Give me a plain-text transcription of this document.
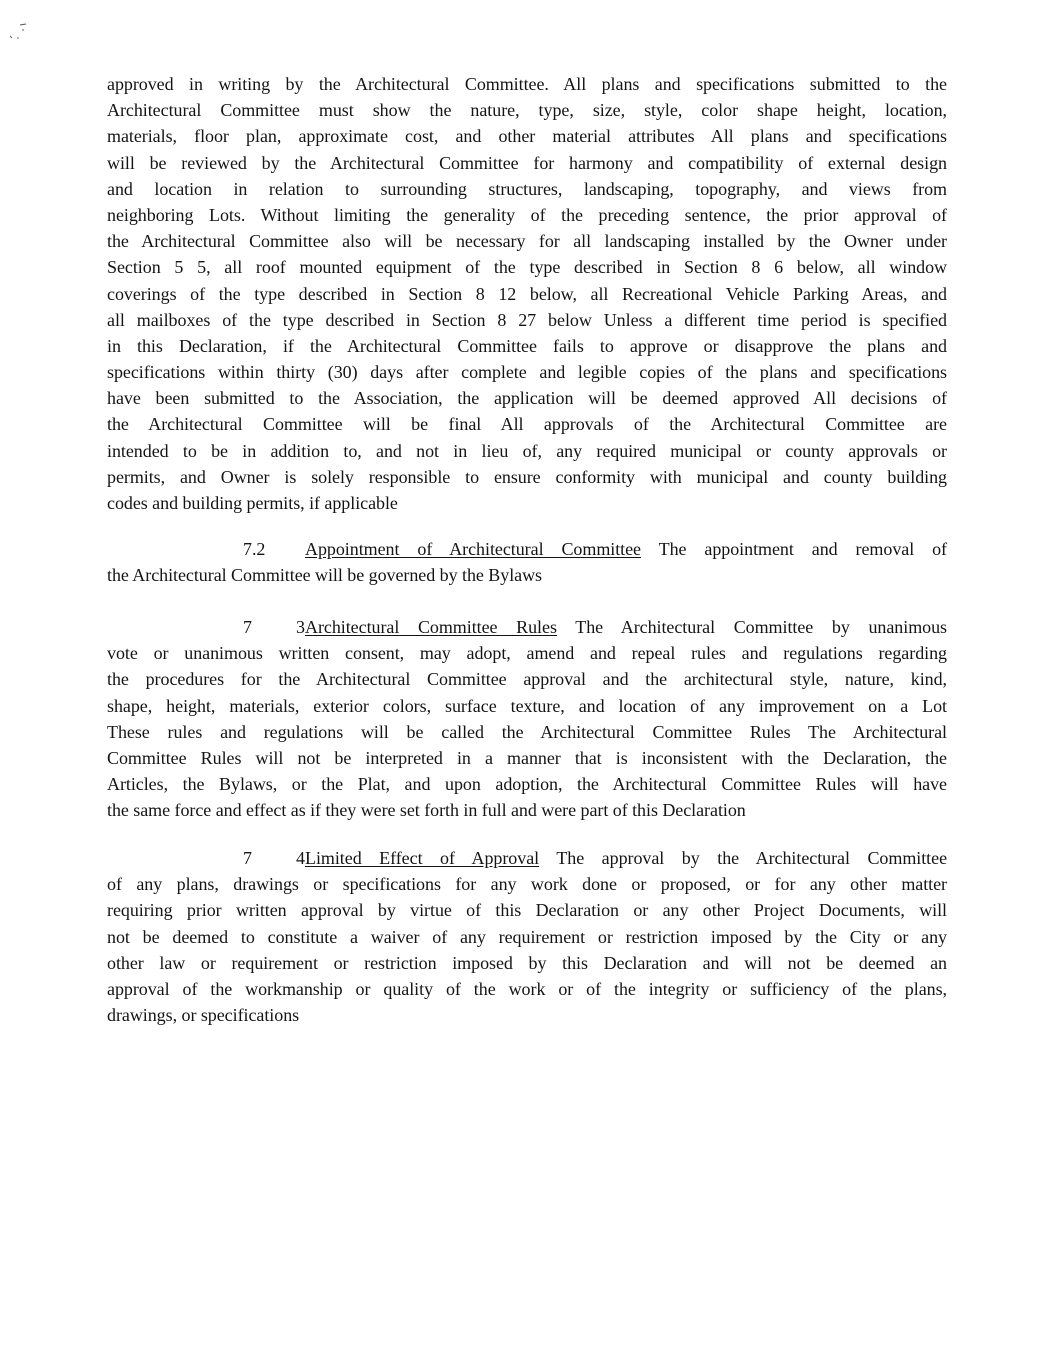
approved in writing by the Architectural Committee. All plans and specifications submitted to the
Architectural Committee must show the nature, type, size, style, color shape height, location,
materials, floor plan, approximate cost, and other material attributes All plans and specifications
will be reviewed by the Architectural Committee for harmony and compatibility of external design
and location in relation to surrounding structures, landscaping, topography, and views from
neighboring Lots. Without limiting the generality of the preceding sentence, the prior approval of
the Architectural Committee also will be necessary for all landscaping installed by the Owner under
Section 5 5, all roof mounted equipment of the type described in Section 8 6 below, all window
coverings of the type described in Section 8 12 below, all Recreational Vehicle Parking Areas, and
all mailboxes of the type described in Section 8 27 below Unless a different time period is specified
in this Declaration, if the Architectural Committee fails to approve or disapprove the plans and
specifications within thirty (30) days after complete and legible copies of the plans and specifications
have been submitted to the Association, the application will be deemed approved All decisions of
the Architectural Committee will be final All approvals of the Architectural Committee are
intended to be in addition to, and not in lieu of, any required municipal or county approvals or
permits, and Owner is solely responsible to ensure conformity with municipal and county building
codes and building permits, if applicable
7.2 Appointment of Architectural Committee The appointment and removal of
the Architectural Committee will be governed by the Bylaws
7 3Architectural Committee Rules The Architectural Committee by unanimous
vote or unanimous written consent, may adopt, amend and repeal rules and regulations regarding
the procedures for the Architectural Committee approval and the architectural style, nature, kind,
shape, height, materials, exterior colors, surface texture, and location of any improvement on a Lot
These rules and regulations will be called the Architectural Committee Rules The Architectural
Committee Rules will not be interpreted in a manner that is inconsistent with the Declaration, the
Articles, the Bylaws, or the Plat, and upon adoption, the Architectural Committee Rules will have
the same force and effect as if they were set forth in full and were part of this Declaration
7 4Limited Effect of Approval The approval by the Architectural Committee
of any plans, drawings or specifications for any work done or proposed, or for any other matter
requiring prior written approval by virtue of this Declaration or any other Project Documents, will
not be deemed to constitute a waiver of any requirement or restriction imposed by the City or any
other law or requirement or restriction imposed by this Declaration and will not be deemed an
approval of the workmanship or quality of the work or of the integrity or sufficiency of the plans,
drawings, or specifications
